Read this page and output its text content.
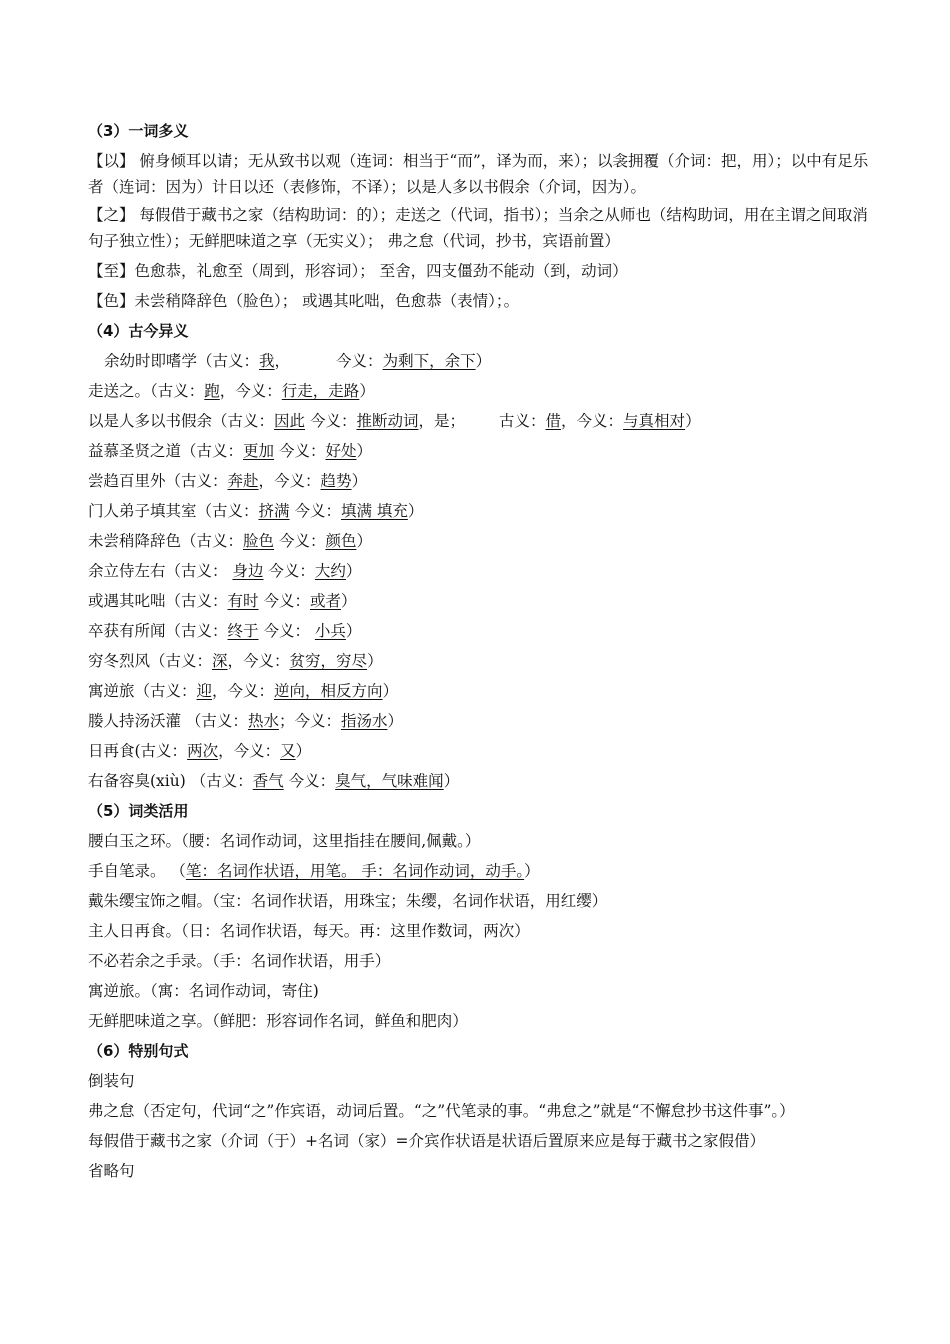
（3）一词多义
【以】 俯身倾耳以请；无从致书以观（连词：相当于“而”，译为而，来）；以衾拥覆（介词：把，用）；以中有足乐者（连词：因为）计日以还（表修饰，不译）；以是人多以书假余（介词，因为）。
【之】 每假借于藏书之家（结构助词：的）；走送之（代词，指书）；当余之从师也（结构助词，用在主谓之间取消句子独立性）；无鲜肥味道之享（无实义）； 弗之怠（代词，抄书，宾语前置）
【至】色愈恭，礼愈至（周到，形容词）； 至舍，四支僵劲不能动（到，动词）
【色】未尝稍降辞色（脸色）； 或遇其叱咄，色愈恭（表情）；。
（4）古今异义
余幼时即嗜学（古义：我，	今义：为剩下，余下）
走送之。（古义：跑，今义：行走，走路）
以是人多以书假余（古义：因此 今义：推断动词，是； 古义：借，今义：与真相对）
益慕圣贤之道（古义：更加 今义：好处）
尝趋百里外（古义：奔赴，今义：趋势）
门人弟子填其室（古义：挤满 今义：填满 填充）
未尝稍降辞色（古义：脸色 今义：颜色）
余立侍左右（古义： 身边 今义：大约）
或遇其叱咄（古义：有时 今义：或者）
卒获有所闻（古义：终于 今义： 小兵）
穷冬烈风（古义：深，今义：贫穷，穷尽）
寓逆旅（古义：迎，今义：逆向，相反方向）
媵人持汤沃灌 （古义：热水；今义：指汤水）
日再食(古义：两次，今义：又）
右备容臭(xiù) （古义：香气 今义：臭气，气味难闻）
（5）词类活用
腰白玉之环。（腰：名词作动词，这里指挂在腰间,佩戴。）
手自笔录。 （笔：名词作状语，用笔。 手：名词作动词，动手。）
戴朱缨宝饰之帽。（宝：名词作状语，用珠宝；朱缨，名词作状语，用红缨）
主人日再食。（日：名词作状语，每天。再：这里作数词，两次）
不必若余之手录。（手：名词作状语，用手）
寓逆旅。（寓：名词作动词，寄住)
无鲜肥味道之享。（鲜肥：形容词作名词，鲜鱼和肥肉）
（6）特别句式
倒装句
弗之怠（否定句，代词“之”作宾语，动词后置。“之”代笔录的事。“弗怠之”就是“不懈怠抄书这件事”。）
每假借于藏书之家（介词（于）+名词（家）=介宾作状语是状语后置原来应是每于藏书之家假借）
省略句
